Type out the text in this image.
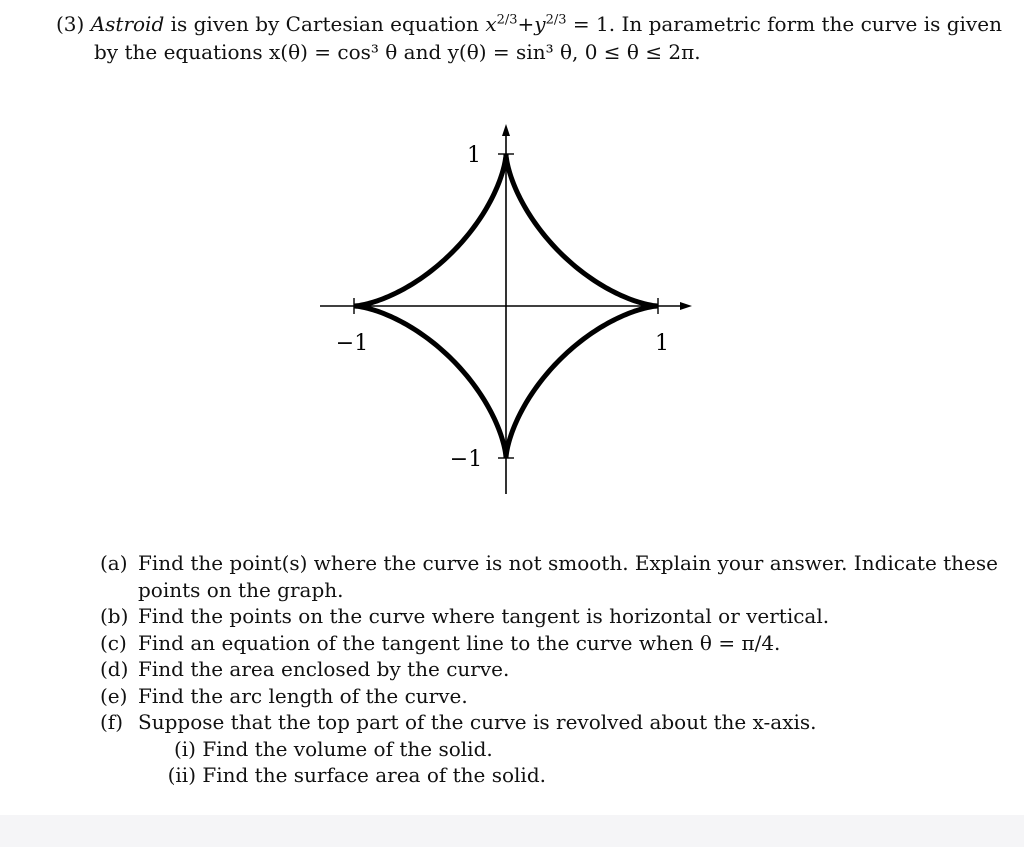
(3) Astroid is given by Cartesian equation $x^{2/3}+y^{2/3} = 1$. In parametric form the curve is given
by the equations x(θ) = cos³ θ and y(θ) = sin³ θ, 0 ≤ θ ≤ 2π.
1
−1
−1	1
(a) Find the point(s) where the curve is not smooth. Explain your answer. Indicate these
points on the graph.
(b) Find the points on the curve where tangent is horizontal or vertical.
(c) Find an equation of the tangent line to the curve when θ = π/4.
(d) Find the area enclosed by the curve.
(e) Find the arc length of the curve.
(f) Suppose that the top part of the curve is revolved about the x-axis.
(i) Find the volume of the solid.
(ii) Find the surface area of the solid.
